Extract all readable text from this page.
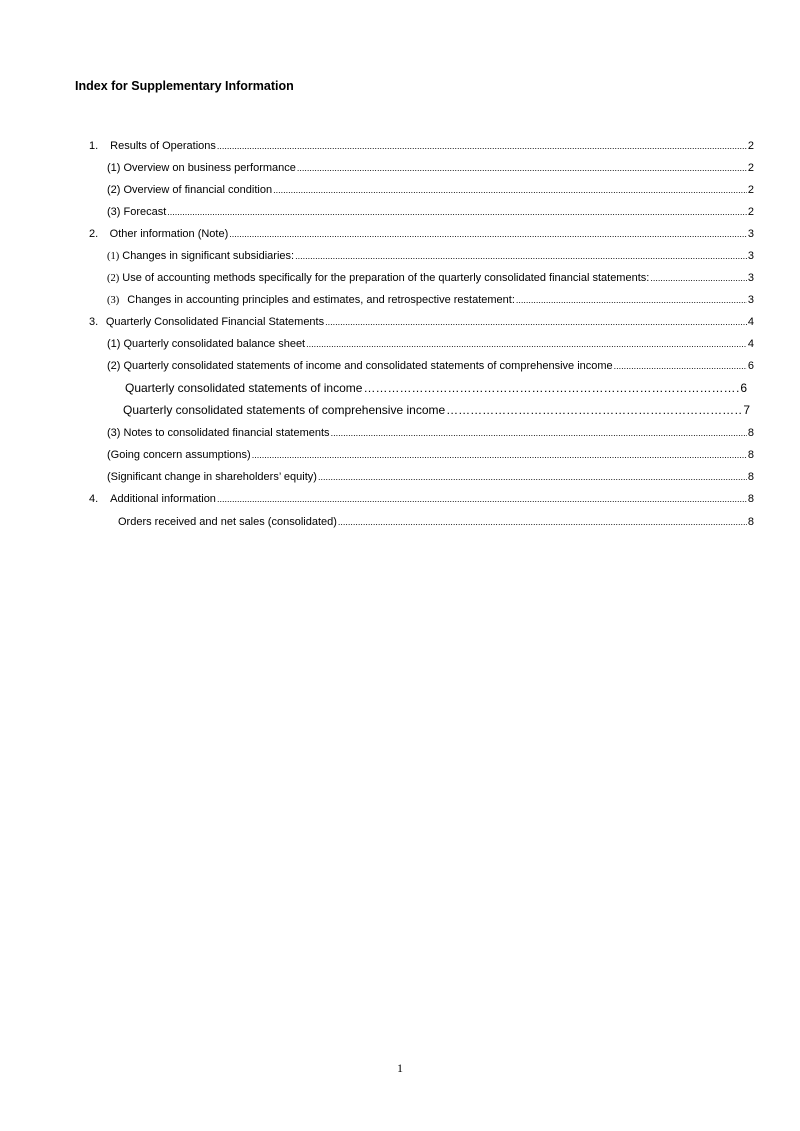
Index for Supplementary Information
1.	Results of Operations .....	2
(1) Overview on business performance .....	2
(2) Overview of financial condition .....	2
(3) Forecast .....	2
2.	Other information (Note) .....	3
(1) Changes in significant subsidiaries: .....	3
(2) Use of accounting methods specifically for the preparation of the quarterly consolidated financial statements: .....	3
(3) Changes in accounting principles and estimates, and retrospective restatement: .....	3
3. Quarterly Consolidated Financial Statements .....	4
(1) Quarterly consolidated balance sheet .....	4
(2) Quarterly consolidated statements of income and consolidated statements of comprehensive income .....	6
Quarterly consolidated statements of income …………………………………………………………………………………………………………	6
Quarterly consolidated statements of comprehensive income …………………………………………………………………………………………………………	7
(3) Notes to consolidated financial statements .....	8
(Going concern assumptions) .....	8
(Significant change in shareholders’ equity) .....	8
4.	Additional information .....	8
Orders received and net sales (consolidated) .....	8
1
